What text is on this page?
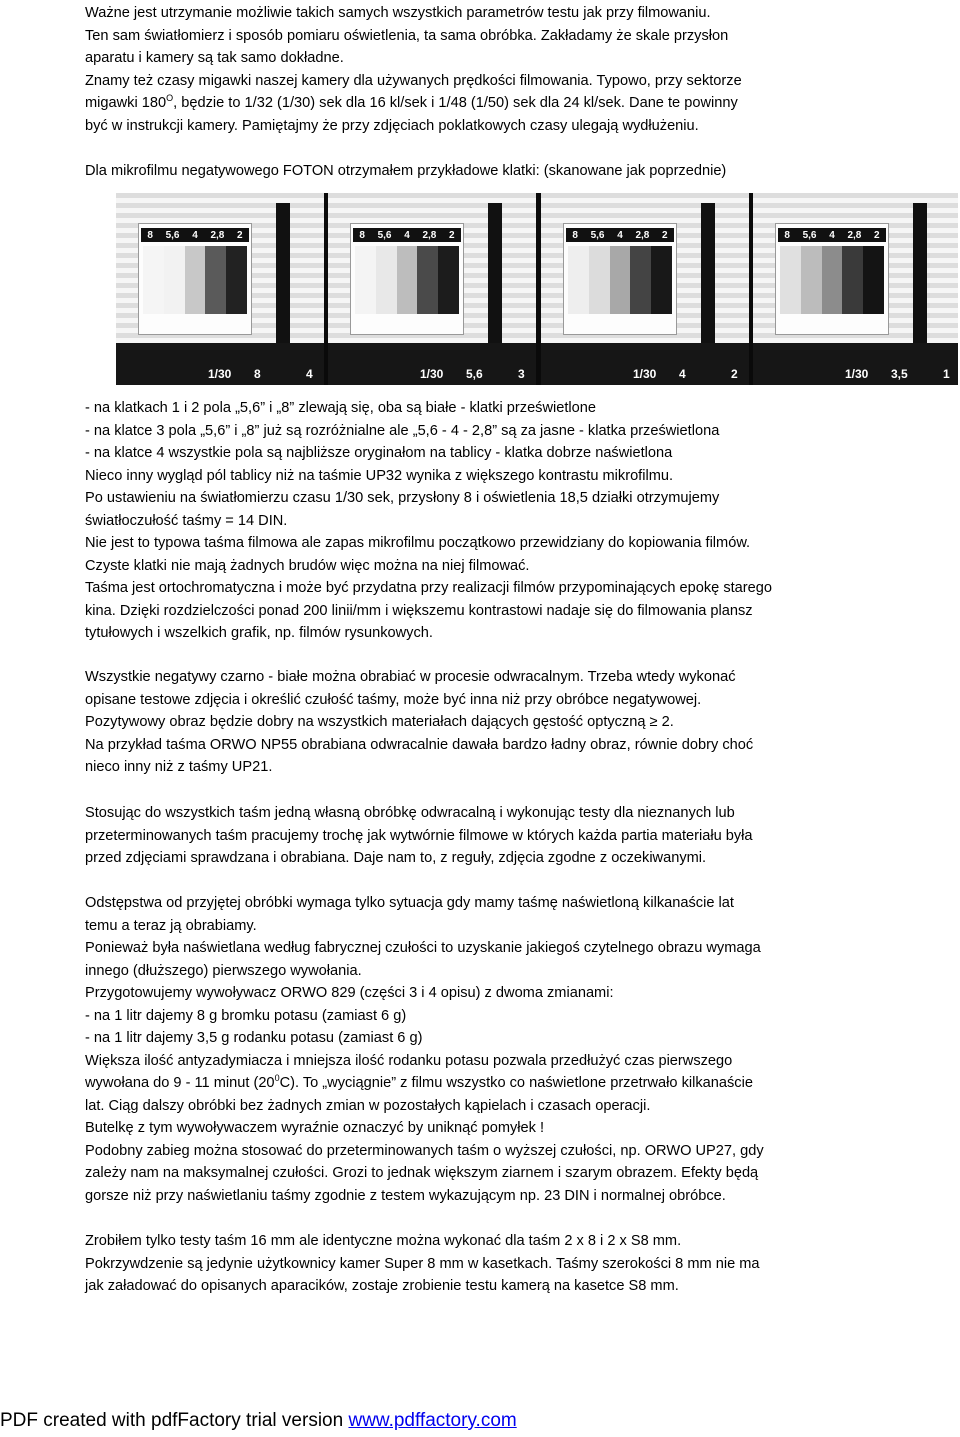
Ważne jest utrzymanie możliwie takich samych wszystkich parametrów testu jak przy filmowaniu.
Ten sam światłomierz i sposób pomiaru oświetlenia, ta sama obróbka. Zakładamy że skale przysłon
aparatu i kamery są tak samo dokładne.
Znamy też czasy migawki naszej kamery dla używanych prędkości filmowania. Typowo, przy sektorze
migawki $180^O$, będzie to 1/32 (1/30) sek dla 16 kl/sek i 1/48 (1/50) sek dla 24 kl/sek. Dane te powinny
być w instrukcji kamery. Pamiętajmy że przy zdjęciach poklatkowych czasy ulegają wydłużeniu.
Dla mikrofilmu negatywowego FOTON otrzymałem przykładowe klatki: (skanowane jak poprzednie)
- na klatkach 1 i 2 pola „5,6” i „8” zlewają się, oba są białe - klatki prześwietlone
- na klatce 3 pola „5,6” i „8” już są rozróżnialne ale „5,6 - 4 - 2,8” są za jasne - klatka prześwietlona
- na klatce 4 wszystkie pola są najbliższe oryginałom na tablicy - klatka dobrze naświetlona
Nieco inny wygląd pól tablicy niż na taśmie UP32 wynika z większego kontrastu mikrofilmu.
Po ustawieniu na światłomierzu czasu 1/30 sek, przysłony 8 i oświetlenia 18,5 działki otrzymujemy
światłoczułość taśmy = 14 DIN.
Nie jest to typowa taśma filmowa ale zapas mikrofilmu początkowo przewidziany do kopiowania filmów.
Czyste klatki nie mają żadnych brudów więc można na niej filmować.
Taśma jest ortochromatyczna i może być przydatna przy realizacji filmów przypominających epokę starego
kina. Dzięki rozdzielczości ponad 200 linii/mm i większemu kontrastowi nadaje się do filmowania plansz
tytułowych i wszelkich grafik, np. filmów rysunkowych.
Wszystkie negatywy czarno - białe można obrabiać w procesie odwracalnym. Trzeba wtedy wykonać
opisane testowe zdjęcia i określić czułość taśmy, może być inna niż przy obróbce negatywowej.
Pozytywowy obraz będzie dobry na wszystkich materiałach dających gęstość optyczną ≥ 2.
Na przykład taśma ORWO NP55 obrabiana odwracalnie dawała bardzo ładny obraz, równie dobry choć
nieco inny niż z taśmy UP21.
Stosując do wszystkich taśm jedną własną obróbkę odwracalną i wykonując testy dla nieznanych lub
przeterminowanych taśm pracujemy trochę jak wytwórnie filmowe w których każda partia materiału była
przed zdjęciami sprawdzana i obrabiana. Daje nam to, z reguły, zdjęcia zgodne z oczekiwanymi.
Odstępstwa od przyjętej obróbki wymaga tylko sytuacja gdy mamy taśmę naświetloną kilkanaście lat
temu a teraz ją obrabiamy.
Ponieważ była naświetlana według fabrycznej czułości to uzyskanie jakiegoś czytelnego obrazu wymaga
innego (dłuższego) pierwszego wywołania.
Przygotowujemy wywoływacz ORWO 829 (części 3 i 4 opisu) z dwoma zmianami:
- na 1 litr dajemy 8 g bromku potasu (zamiast 6 g)
- na 1 litr dajemy 3,5 g rodanku potasu (zamiast 6 g)
Większa ilość antyzadymiacza i mniejsza ilość rodanku potasu pozwala przedłużyć czas pierwszego
wywołana do 9 - 11 minut $(20^0C)$. To „wyciągnie” z filmu wszystko co naświetlone przetrwało kilkanaście
lat. Ciąg dalszy obróbki bez żadnych zmian w pozostałych kąpielach i czasach operacji.
Butelkę z tym wywoływaczem wyraźnie oznaczyć by uniknąć pomyłek !
Podobny zabieg można stosować do przeterminowanych taśm o wyższej czułości, np. ORWO UP27, gdy
zależy nam na maksymalnej czułości. Grozi to jednak większym ziarnem i szarym obrazem. Efekty będą
gorsze niż przy naświetlaniu taśmy zgodnie z testem wykazującym np. 23 DIN i normalnej obróbce.
Zrobiłem tylko testy taśm 16 mm ale identyczne można wykonać dla taśm 2 x 8 i 2 x S8 mm.
Pokrzywdzenie są jedynie użytkownicy kamer Super 8 mm w kasetkach. Taśmy szerokości 8 mm nie ma
jak załadować do opisanych aparacików, zostaje zrobienie testu kamerą na kasetce S8 mm.
8 5,6 4 2,8 2
1/30 8	4
8 5,6 4 2,8 2
1/30 5,6	3
8 5,6 4 2,8 2
1/30 4	2
8 5,6 4 2,8 2
1/30 3,5	1
PDF created with pdfFactory trial version www.pdffactory.com
